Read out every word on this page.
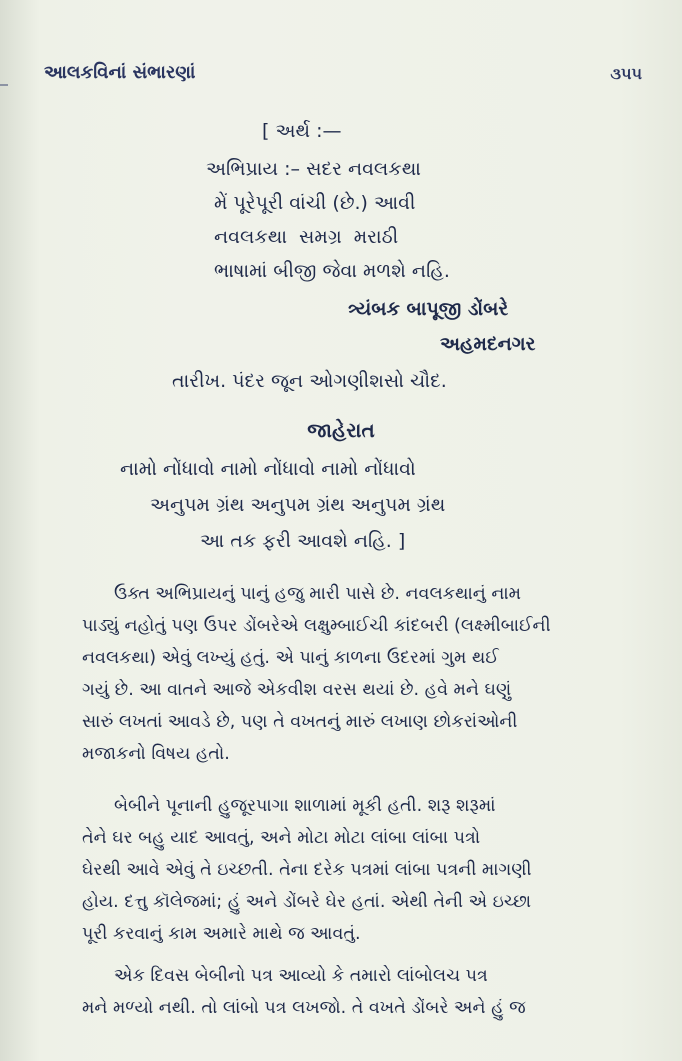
આલકવિનાં સંભારણાં	૩૫૫
[ અર્થ :—
અભિપ્રાય :– સદર નવલકથા
મેં પૂરેપૂરી વાંચી (છે.) આવી
નવલકથા સમગ્ર મરાઠી
ભાષામાં બીજી જેવા મળશે નહિ.
ત્ર્યંબક બાપૂજી ડોંબરે
અહમદનગર
તારીખ. પંદર જૂન ઓગણીશસો ચૌદ.
જાહેરાત
નામો નોંધાવો નામો નોંધાવો નામો નોંધાવો
અનુપમ ગ્રંથ અનુપમ ગ્રંથ અનુપમ ગ્રંથ
આ તક ફરી આવશે નહિ. ]
ઉક્ત અભિપ્રાયનું પાનું હજુ મારી પાસે છે. નવલકથાનું નામ
પાડ્યું નહોતું પણ ઉપર ડોંબરેએ લક્ષુમ્બાઈચી કાંદબરી (લક્ષ્મીબાઈની
નવલકથા) એવું લખ્યું હતું. એ પાનું કાળના ઉદરમાં ગુમ થઈ
ગયું છે. આ વાતને આજે એકવીશ વરસ થયાં છે. હવે મને ઘણું
સારું લખતાં આવડે છે, પણ તે વખતનું મારું લખાણ છોકરાંઓની
મજાકનો વિષય હતો.
બેબીને પૂનાની હુજૂરપાગા શાળામાં મૂકી હતી. શરૂ શરૂમાં
તેને ઘર બહુ યાદ આવતું, અને મોટા મોટા લાંબા લાંબા પત્રો
ઘેરથી આવે એવું તે ઇચ્છતી. તેના દરેક પત્રમાં લાંબા પત્રની માગણી
હોય. દત્તુ કૉલેજમાં; હું અને ડોંબરે ઘેર હતાં. એથી તેની એ ઇચ્છા
પૂરી કરવાનું કામ અમારે માથે જ આવતું.
એક દિવસ બેબીનો પત્ર આવ્યો કે તમારો લાંબોલચ પત્ર
મને મળ્યો નથી. તો લાંબો પત્ર લખજો. તે વખતે ડોંબરે અને હું જ
